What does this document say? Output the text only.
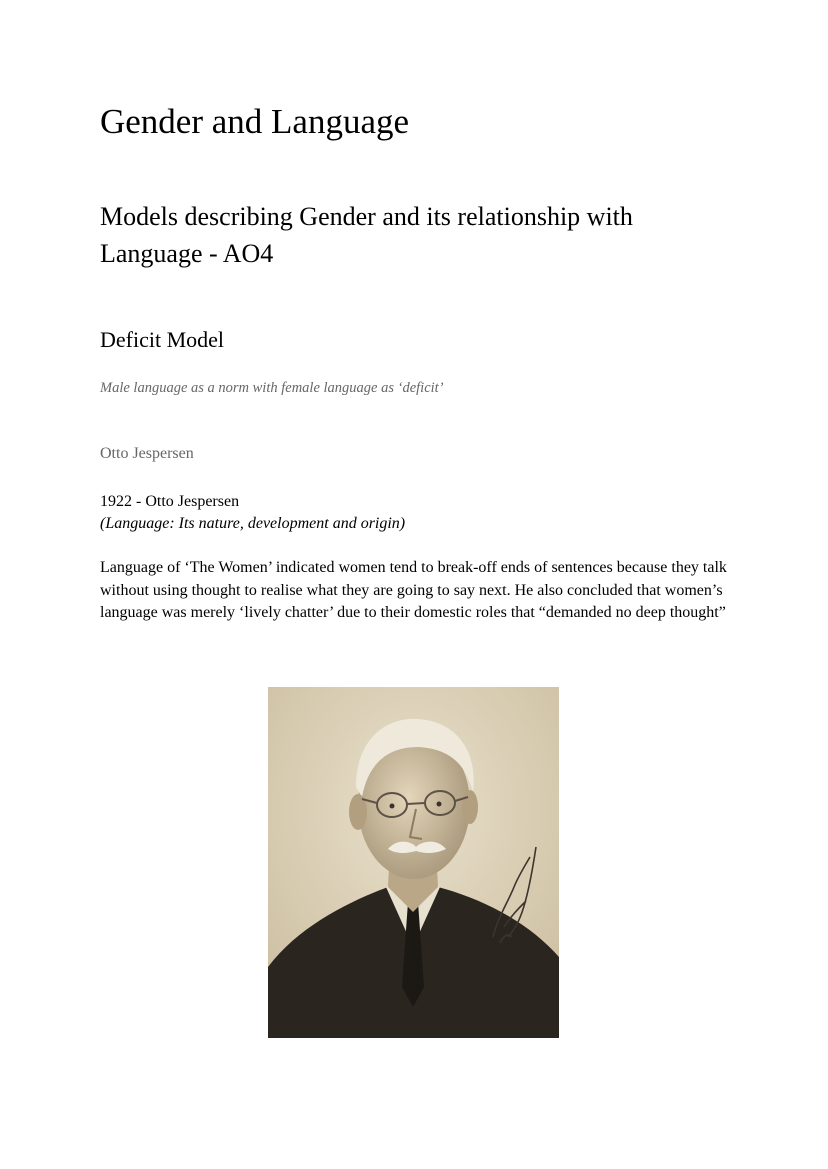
Gender and Language
Models describing Gender and its relationship with Language - AO4
Deficit Model

Male language as a norm with female language as ‘deficit’

Otto Jespersen

1922 - Otto Jespersen
(Language: Its nature, development and origin)

Language of ‘The Women’ indicated women tend to break-off ends of sentences because they talk without using thought to realise what they are going to say next. He also concluded that women’s language was merely ‘lively chatter’ due to their domestic roles that “demanded no deep thought”
